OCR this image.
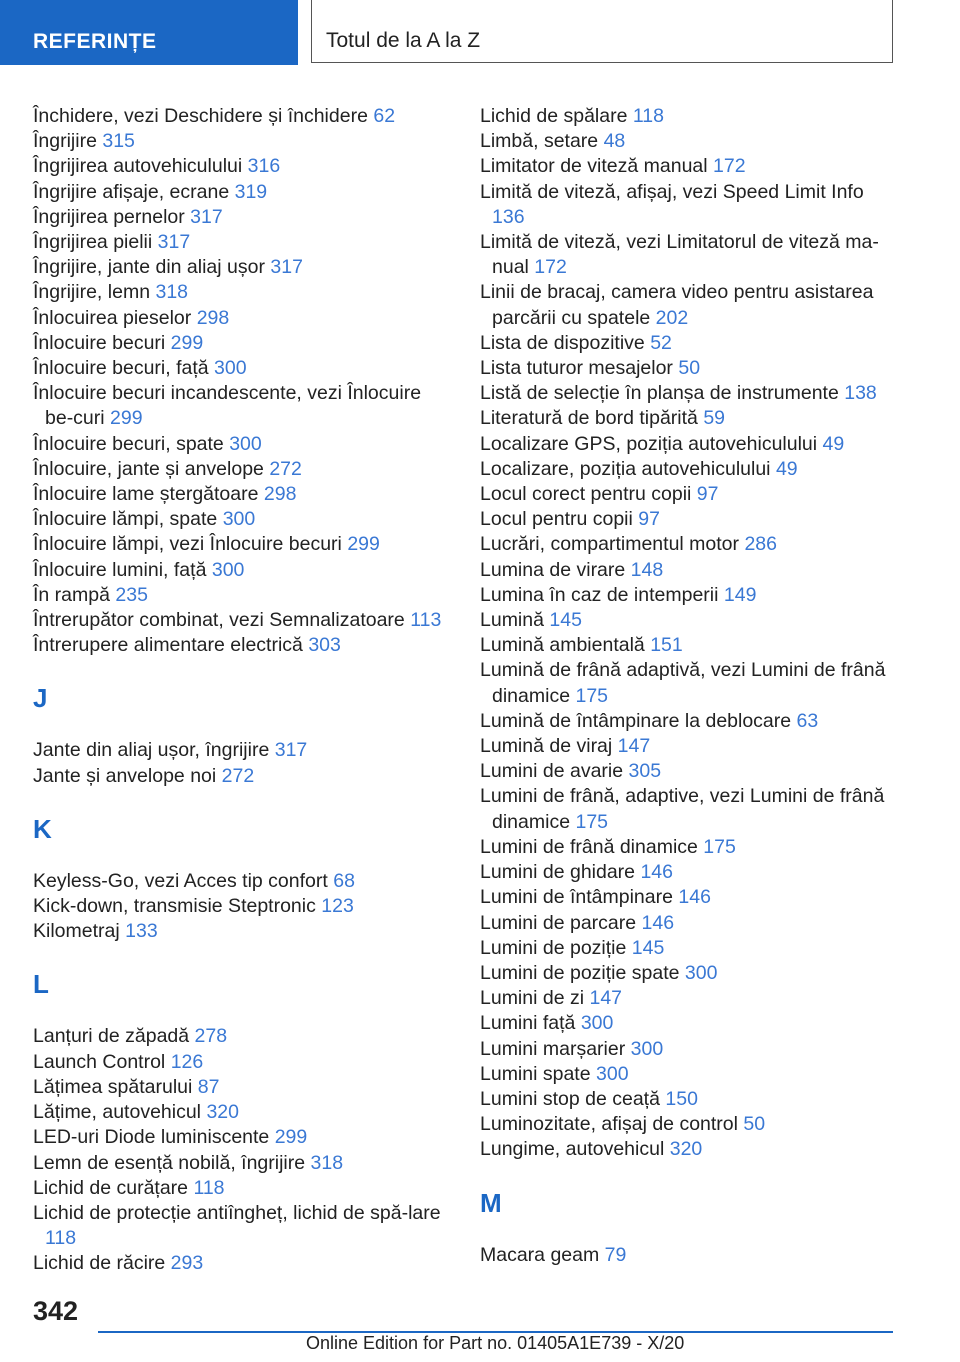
REFERINȚE	Totul de la A la Z
Închidere, vezi Deschidere și închidere 62
Îngrijire 315
Îngrijirea autovehiculului 316
Îngrijire afișaje, ecrane 319
Îngrijirea pernelor 317
Îngrijirea pielii 317
Îngrijire, jante din aliaj ușor 317
Îngrijire, lemn 318
Înlocuirea pieselor 298
Înlocuire becuri 299
Înlocuire becuri, față 300
Înlocuire becuri incandescente, vezi Înlocuire be-curi 299
Înlocuire becuri, spate 300
Înlocuire, jante și anvelope 272
Înlocuire lame ștergătoare 298
Înlocuire lămpi, spate 300
Înlocuire lămpi, vezi Înlocuire becuri 299
Înlocuire lumini, față 300
În rampă 235
Întrerupător combinat, vezi Semnalizatoare 113
Întrerupere alimentare electrică 303
J
Jante din aliaj ușor, îngrijire 317
Jante și anvelope noi 272
K
Keyless-Go, vezi Acces tip confort 68
Kick-down, transmisie Steptronic 123
Kilometraj 133
L
Lanțuri de zăpadă 278
Launch Control 126
Lățimea spătarului 87
Lățime, autovehicul 320
LED-uri Diode luminiscente 299
Lemn de esență nobilă, îngrijire 318
Lichid de curățare 118
Lichid de protecție antiîngheț, lichid de spă-lare 118
Lichid de răcire 293
Lichid de spălare 118
Limbă, setare 48
Limitator de viteză manual 172
Limită de viteză, afișaj, vezi Speed Limit Info 136
Limită de viteză, vezi Limitatorul de viteză ma-nual 172
Linii de bracaj, camera video pentru asistarea parcării cu spatele 202
Lista de dispozitive 52
Lista tuturor mesajelor 50
Listă de selecție în planșa de instrumente 138
Literatură de bord tipărită 59
Localizare GPS, poziția autovehiculului 49
Localizare, poziția autovehiculului 49
Locul corect pentru copii 97
Locul pentru copii 97
Lucrări, compartimentul motor 286
Lumina de virare 148
Lumina în caz de intemperii 149
Lumină 145
Lumină ambientală 151
Lumină de frână adaptivă, vezi Lumini de frână dinamice 175
Lumină de întâmpinare la deblocare 63
Lumină de viraj 147
Lumini de avarie 305
Lumini de frână, adaptive, vezi Lumini de frână dinamice 175
Lumini de frână dinamice 175
Lumini de ghidare 146
Lumini de întâmpinare 146
Lumini de parcare 146
Lumini de poziție 145
Lumini de poziție spate 300
Lumini de zi 147
Lumini față 300
Lumini marșarier 300
Lumini spate 300
Lumini stop de ceață 150
Luminozitate, afișaj de control 50
Lungime, autovehicul 320
M
Macara geam 79
342
Online Edition for Part no. 01405A1E739 - X/20
